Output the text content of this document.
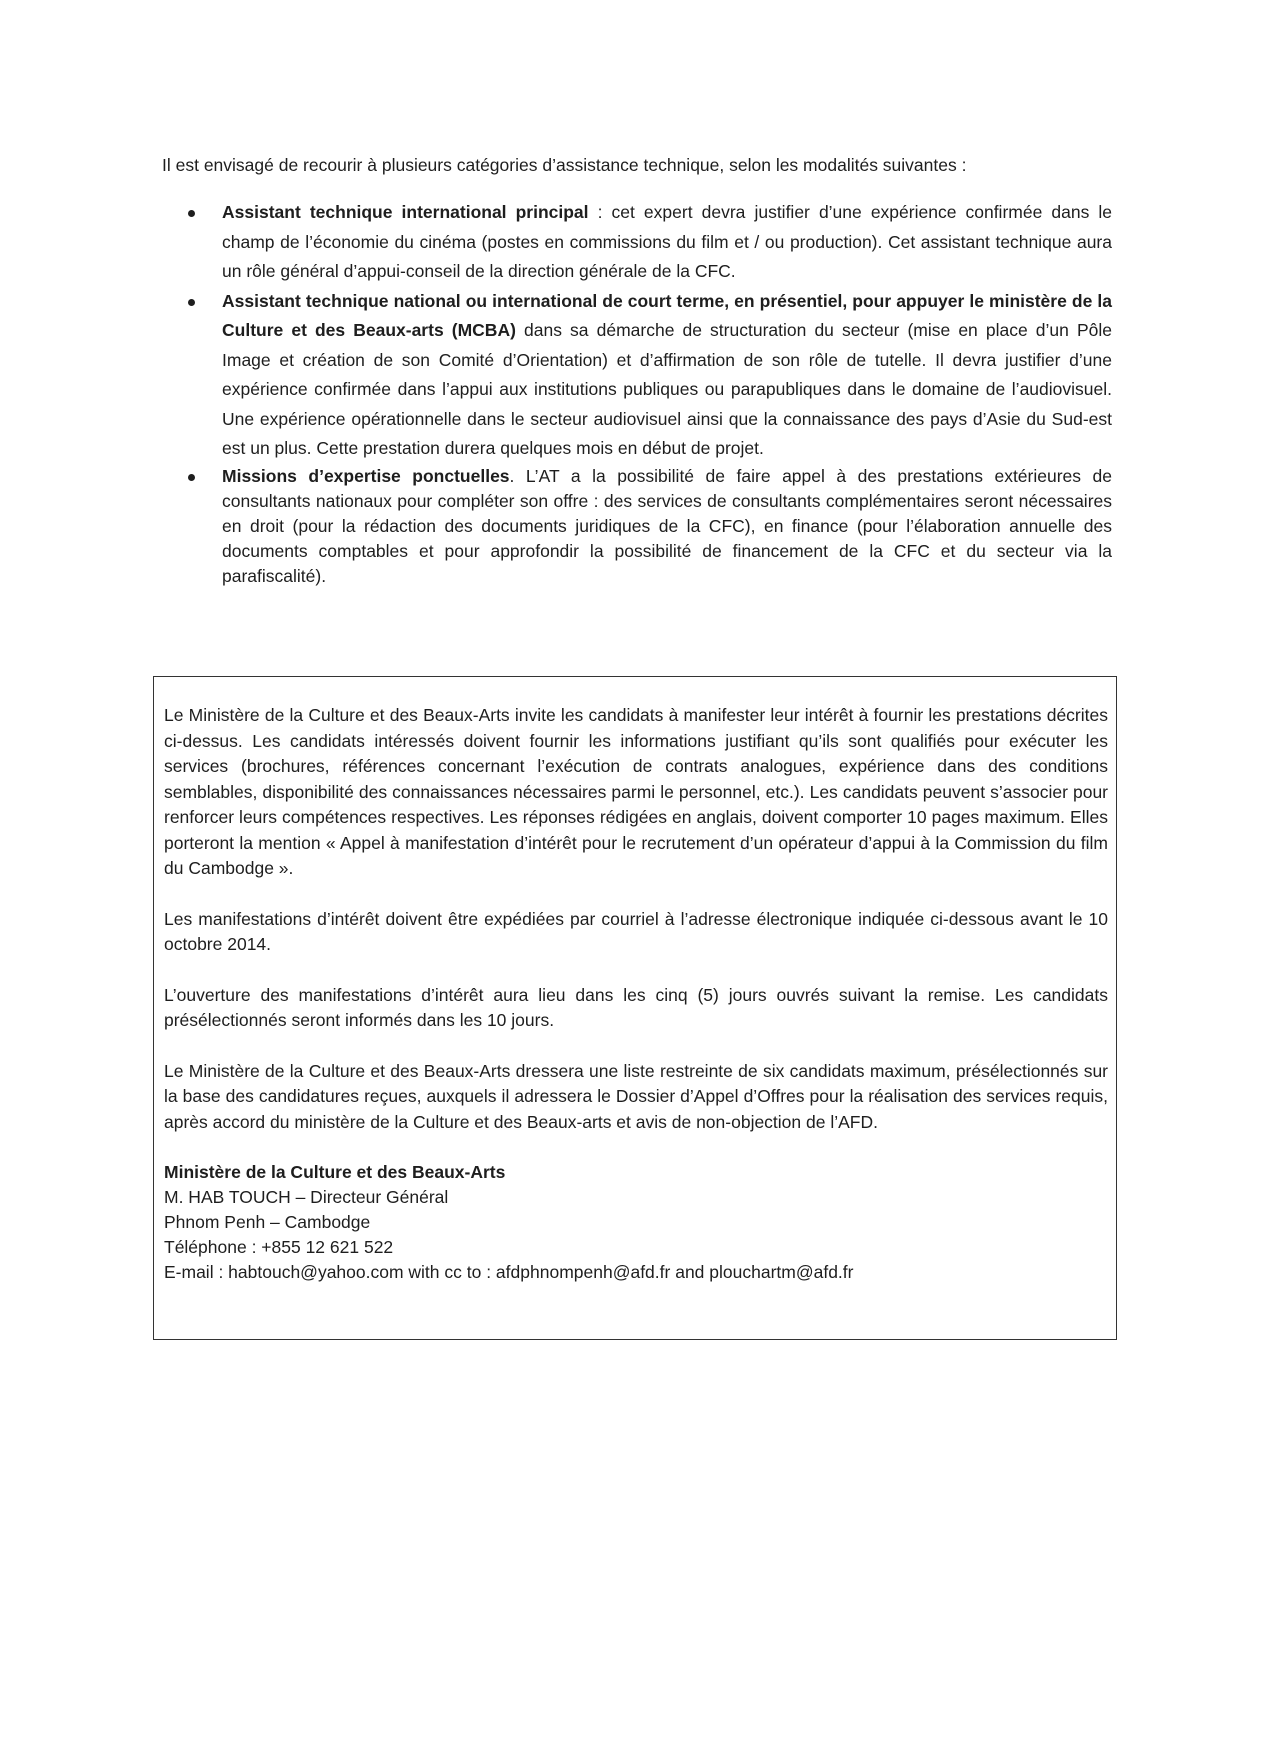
Il est envisagé de recourir à plusieurs catégories d’assistance technique, selon les modalités suivantes :
Assistant technique international principal : cet expert devra justifier d’une expérience confirmée dans le champ de l’économie du cinéma (postes en commissions du film et / ou production). Cet assistant technique aura un rôle général d’appui-conseil de la direction générale de la CFC.
Assistant technique national ou international de court terme, en présentiel, pour appuyer le ministère de la Culture et des Beaux-arts (MCBA) dans sa démarche de structuration du secteur (mise en place d’un Pôle Image et création de son Comité d’Orientation) et d’affirmation de son rôle de tutelle. Il devra justifier d’une expérience confirmée dans l’appui aux institutions publiques ou parapubliques dans le domaine de l’audiovisuel. Une expérience opérationnelle dans le secteur audiovisuel ainsi que la connaissance des pays d’Asie du Sud-est est un plus. Cette prestation durera quelques mois en début de projet.
Missions d’expertise ponctuelles. L’AT a la possibilité de faire appel à des prestations extérieures de consultants nationaux pour compléter son offre : des services de consultants complémentaires seront nécessaires en droit (pour la rédaction des documents juridiques de la CFC), en finance (pour l’élaboration annuelle des documents comptables et pour approfondir la possibilité de financement de la CFC et du secteur via la parafiscalité).

Le Ministère de la Culture et des Beaux-Arts invite les candidats à manifester leur intérêt à fournir les prestations décrites ci-dessus. Les candidats intéressés doivent fournir les informations justifiant qu’ils sont qualifiés pour exécuter les services (brochures, références concernant l’exécution de contrats analogues, expérience dans des conditions semblables, disponibilité des connaissances nécessaires parmi le personnel, etc.). Les candidats peuvent s’associer pour renforcer leurs compétences respectives. Les réponses rédigées en anglais, doivent comporter 10 pages maximum. Elles porteront la mention « Appel à manifestation d’intérêt pour le recrutement d’un opérateur d’appui à la Commission du film du Cambodge ».

Les manifestations d’intérêt doivent être expédiées par courriel à l’adresse électronique indiquée ci-dessous avant le 10 octobre 2014.

L’ouverture des manifestations d’intérêt aura lieu dans les cinq (5) jours ouvrés suivant la remise. Les candidats présélectionnés seront informés dans les 10 jours.

Le Ministère de la Culture et des Beaux-Arts dressera une liste restreinte de six candidats maximum, présélectionnés sur la base des candidatures reçues, auxquels il adressera le Dossier d’Appel d’Offres pour la réalisation des services requis, après accord du ministère de la Culture et des Beaux-arts et avis de non-objection de l’AFD.

Ministère de la Culture et des Beaux-Arts
M. HAB TOUCH – Directeur Général
Phnom Penh – Cambodge
Téléphone : +855 12 621 522
E-mail : habtouch@yahoo.com with cc to : afdphnompenh@afd.fr and plouchartm@afd.fr
